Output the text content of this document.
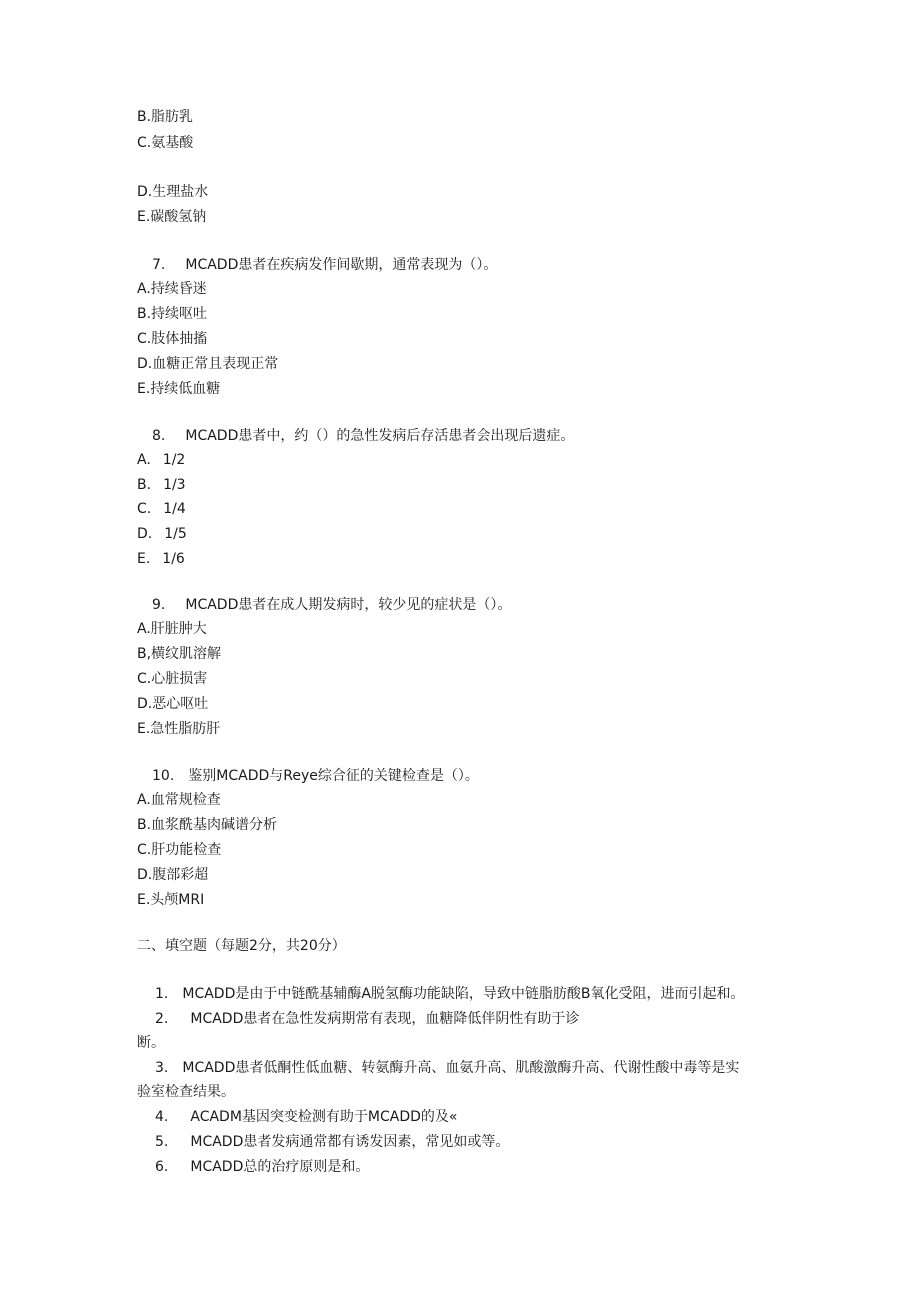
B.脂肪乳
C.氨基酸
D.生理盐水
E.碳酸氢钠
7. MCADD患者在疾病发作间歇期，通常表现为（）。
A.持续昏迷
B.持续呕吐
C.肢体抽搐
D.血糖正常且表现正常
E.持续低血糖
8. MCADD患者中，约（）的急性发病后存活患者会出现后遗症。
A. 1/2
B. 1/3
C. 1/4
D. 1/5
E. 1/6
9. MCADD患者在成人期发病时，较少见的症状是（）。
A.肝脏肿大
B,横纹肌溶解
C.心脏损害
D.恶心呕吐
E.急性脂肪肝
10. 鉴别MCADD与Reye综合征的关键检查是（）。
A.血常规检查
B.血浆酰基肉碱谱分析
C.肝功能检查
D.腹部彩超
E.头颅MRI
二、填空题（每题2分，共20分）
1. MCADD是由于中链酰基辅酶A脱氢酶功能缺陷，导致中链脂肪酸B氧化受阻，进而引起和。
2. MCADD患者在急性发病期常有表现，血糖降低伴阴性有助于诊
断。
3. MCADD患者低酮性低血糖、转氨酶升高、血氨升高、肌酸激酶升高、代谢性酸中毒等是实
验室检查结果。
4. ACADM基因突变检测有助于MCADD的及«
5. MCADD患者发病通常都有诱发因素，常见如或等。
6. MCADD总的治疗原则是和。
